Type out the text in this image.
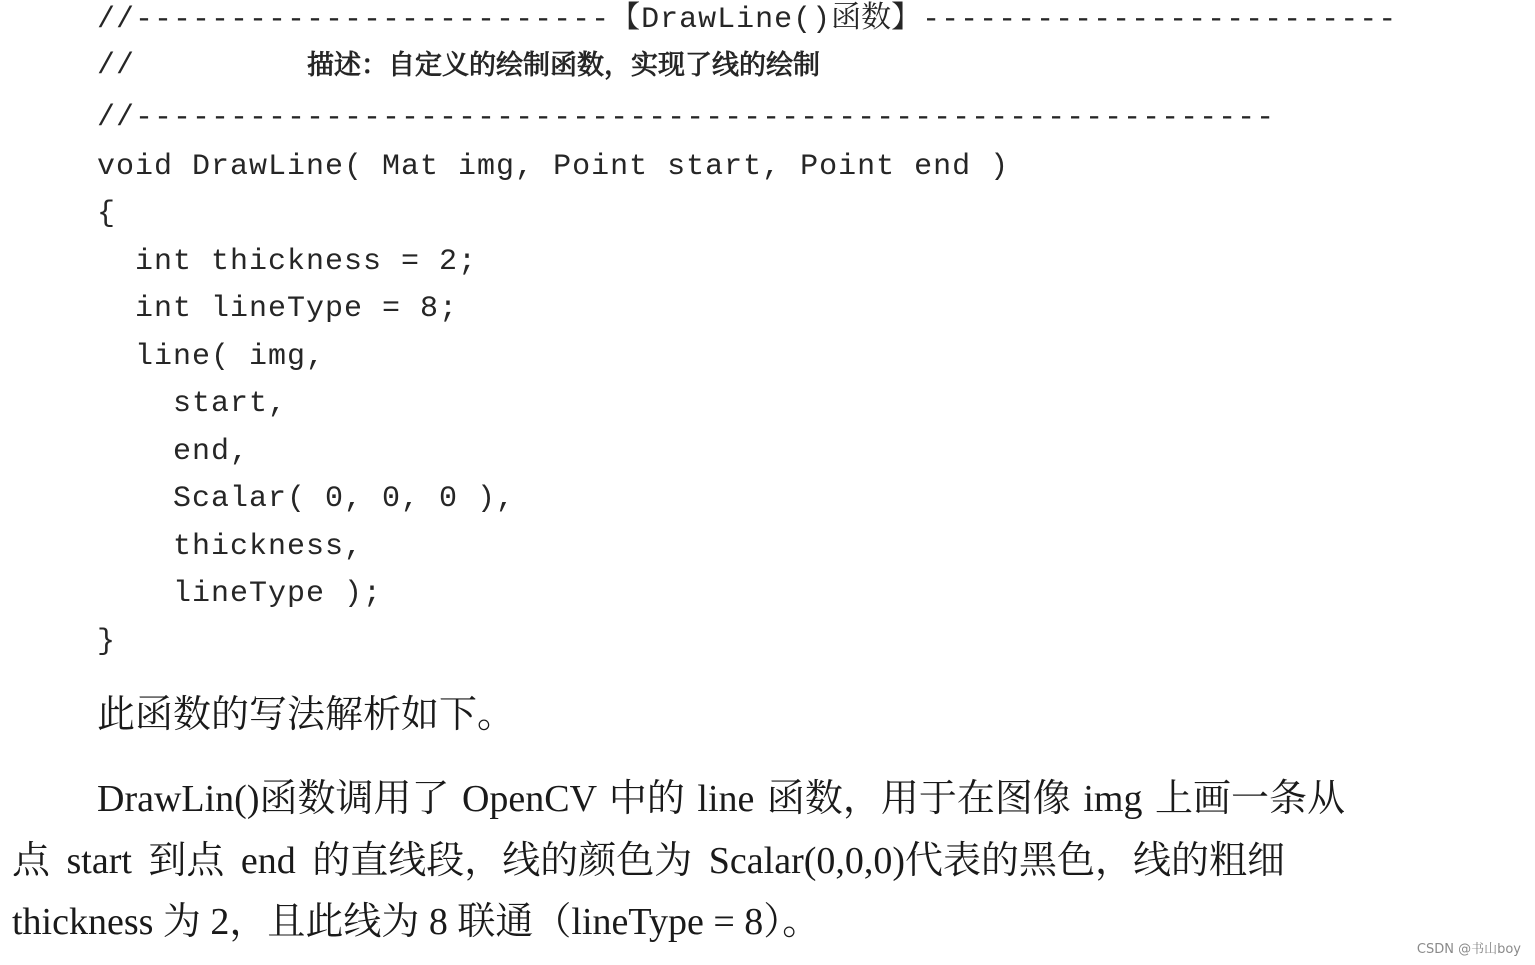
//-------------------------【DrawLine()函数】-------------------------

//	描述：自定义的绘制函数，实现了线的绘制

//------------------------------------------------------------

void DrawLine( Mat img, Point start, Point end )

{

int thickness = 2;

int lineType = 8;

line( img,

start,

end,

Scalar( 0, 0, 0 ),

thickness,

lineType );

}

此函数的写法解析如下。
DrawLin()函数调用了 OpenCV 中的 line 函数，用于在图像 img 上画一条从
点 start 到点 end 的直线段，线的颜色为 Scalar(0,0,0)代表的黑色，线的粗细
thickness 为 2，且此线为 8 联通（lineType = 8）。
CSDN @书山boy
